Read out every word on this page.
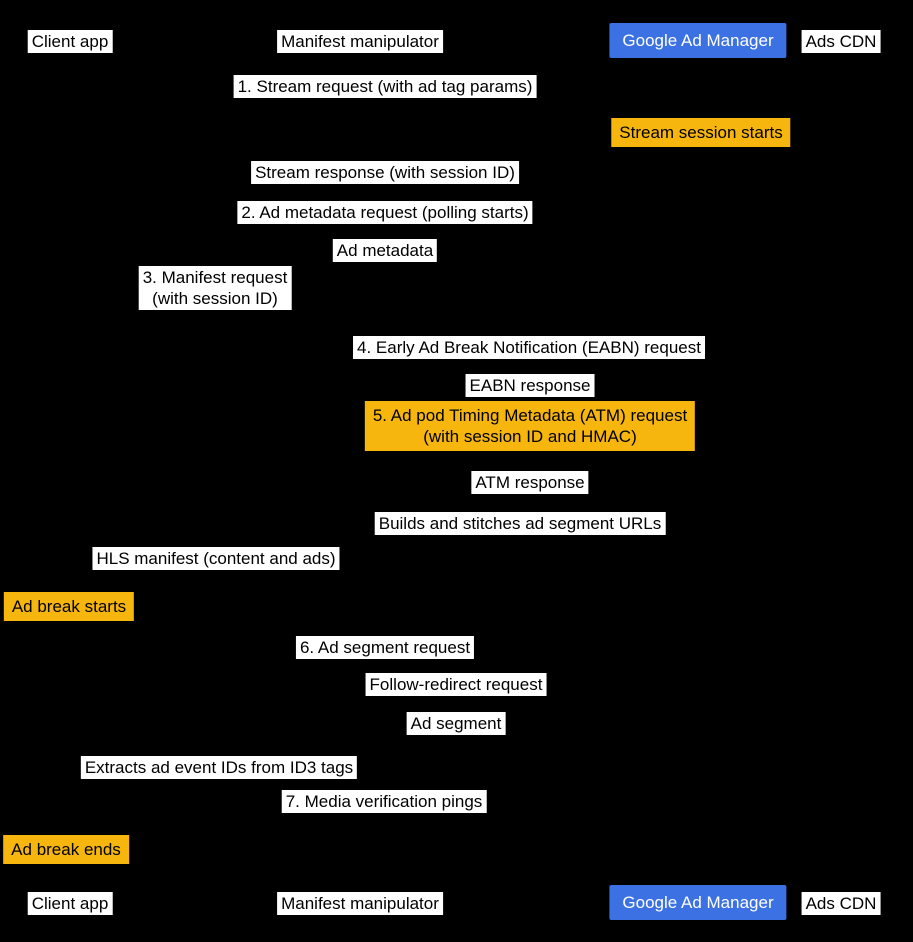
Client app	Manifest manipulator	Google Ad Manager	Ads CDN
1. Stream request (with ad tag params)
Stream session starts
Stream response (with session ID)
2. Ad metadata request (polling starts)
Ad metadata
3. Manifest request
(with session ID)
4. Early Ad Break Notification (EABN) request
EABN response
5. Ad pod Timing Metadata (ATM) request
(with session ID and HMAC)
ATM response
Builds and stitches ad segment URLs
HLS manifest (content and ads)
Ad break starts
6. Ad segment request
Follow-redirect request
Ad segment
Extracts ad event IDs from ID3 tags
7. Media verification pings
Ad break ends
Client app	Manifest manipulator	Google Ad Manager	Ads CDN
